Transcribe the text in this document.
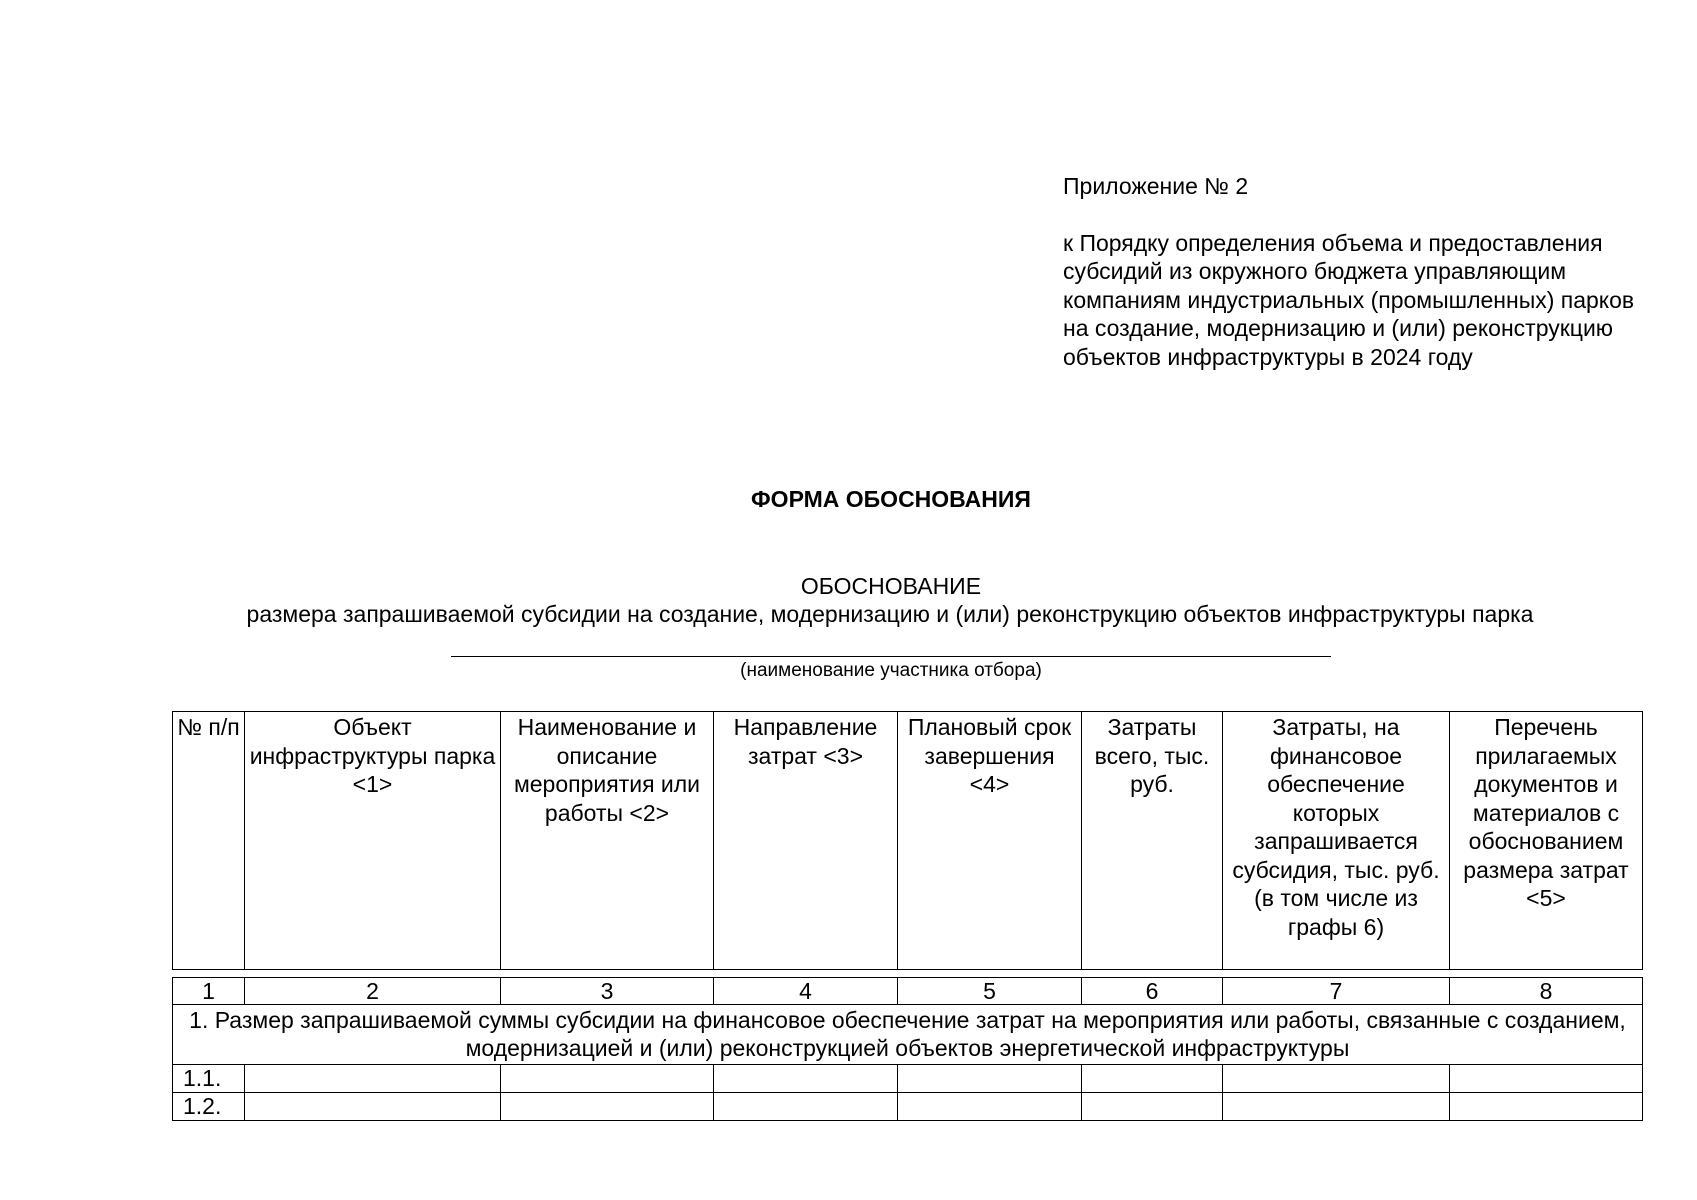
Приложение № 2
к Порядку определения объема и предоставления субсидий из окружного бюджета управляющим компаниям индустриальных (промышленных) парков на создание, модернизацию и (или) реконструкцию объектов инфраструктуры в 2024 году
ФОРМА ОБОСНОВАНИЯ
ОБОСНОВАНИЕ
размера запрашиваемой субсидии на создание, модернизацию и (или) реконструкцию объектов инфраструктуры парка
(наименование участника отбора)
№ п/п	Объект инфраструктуры парка <1>	Наименование и описание мероприятия или работы <2>	Направление затрат <3>	Плановый срок завершения <4>	Затраты всего, тыс. руб.	Затраты, на финансовое обеспечение которых запрашивается субсидия, тыс. руб. (в том числе из графы 6)	Перечень прилагаемых документов и материалов с обоснованием размера затрат <5>
1	2	3	4	5	6	7	8
1. Размер запрашиваемой суммы субсидии на финансовое обеспечение затрат на мероприятия или работы, связанные с созданием, модернизацией и (или) реконструкцией объектов энергетической инфраструктуры							
1.1.							
1.2.							
